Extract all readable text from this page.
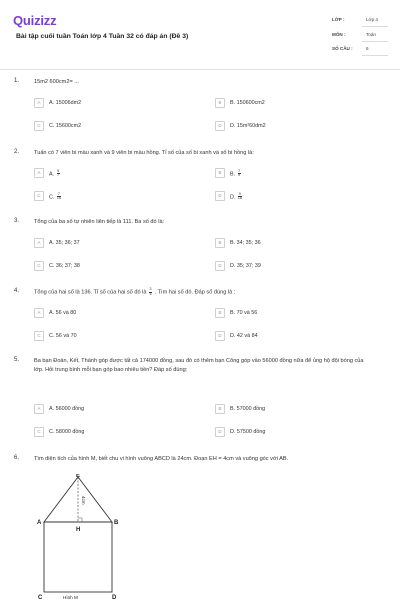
Quizizz
Bài tập cuối tuần Toán lớp 4 Tuần 32 có đáp án (Đề 3)
LỚP :	Lớp 4
MÔN :	Toán
SỐ CÂU :	6
1.	15m2 600cm2= ...
A	A. 15006dm2	B	B. 150600cm2
C	C. 15600cm2	D	D. 15m²60dm2
2.	Tuấn có 7 viên bi màu xanh và 9 viên bi màu hồng. Tỉ số của số bi xanh và số bi hồng là:
A	A. $\frac{9}{7}$	B	B. $\frac{7}{9}$
C	C. $\frac{7}{16}$	D	D. $\frac{9}{16}$
3.	Tổng của ba số tự nhiên liên tiếp là 111. Ba số đó là:
A	A. 35; 36; 37	B	B. 34; 35; 36
C	C. 36; 37; 38	D	D. 35; 37; 39
4.	Tổng của hai số là 136. Tỉ số của hai số đó là $\frac{3}{5}$ . Tìm hai số đó. Đáp số đúng là :
A	A. 56 và 80	B	B. 70 và 56
C	C. 56 và 70	D	D. 42 và 84
5.	Ba bạn Đoàn, Kết, Thành góp được tất cả 174000 đồng, sau đó có thêm bạn Công góp vào 56000 đồng nữa để ủng hộ đội bóng của lớp. Hỏi trung bình mỗi bạn góp bao nhiêu tiền? Đáp số đúng:
A	A. 56000 đồng	B	B. 57000 đồng
C	C. 58000 đồng	D	D. 57500 đồng
6.	Tìm diện tích của hình M, biết chu vi hình vuông ABCD là 24cm. Đoạn EH = 4cm và vuông góc với AB.
E
A	B
H
C	D
4cm
Hình M
